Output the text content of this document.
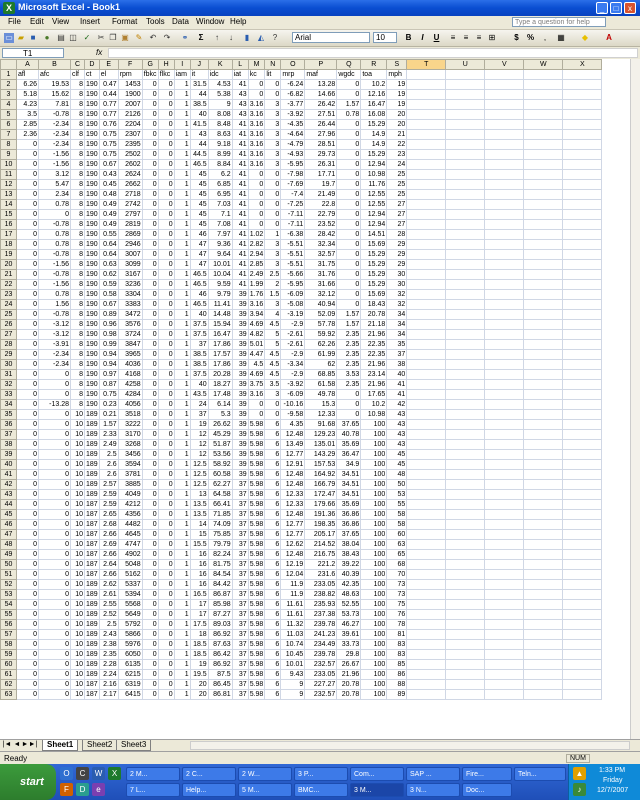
X Microsoft Excel - Book1	_	□	x
File Edit View Insert Format Tools Data Window Help	Type a question for help
▭ ▰ ■	● ▤ ◫ ✓ ✂ ❐ ▣ ✎ ↶ ↷ ⚭	Σ	↑	↓	▮	◭	?	Arial	10	B	I	U	≡	≡	≡ ⊞	$	%	,	▦ ◆ A
T1	fx
	A	B	C	D	E	F	G	H	I	J	K	L	M	N	O	P	Q	R	S	T	U	V	W	X
1	afl	afc	clf	ct	el	rpm	fbkc	flkc	iam	it	idc	iat	kc	lit	mrp	maf	wgdc	toa	mph					
2	6.26	19.53	8	190	0.47	1453	0	0	1	31.5	4.53	41	0	0	-6.24	13.28	0	10.2	19					
3	5.18	15.62	8	190	0.44	1900	0	0	1	44	5.38	43	0	0	-6.82	14.66	0	12.16	19					
4	4.23	7.81	8	190	0.77	2007	0	0	1	38.5	9	43	3.16	3	-3.77	26.42	1.57	16.47	19					
5	3.5	-0.78	8	190	0.77	2126	0	0	1	40	8.08	43	3.16	3	-3.92	27.51	0.78	16.08	20					
6	2.85	-2.34	8	190	0.76	2204	0	0	1	41.5	8.48	41	3.16	3	-4.35	26.44	0	15.29	20					
7	2.36	-2.34	8	190	0.75	2307	0	0	1	43	8.63	41	3.16	3	-4.64	27.96	0	14.9	21					
8	0	-2.34	8	190	0.75	2395	0	0	1	44	9.18	41	3.16	3	-4.79	28.51	0	14.9	22					
9	0	-1.56	8	190	0.75	2502	0	0	1	44.5	8.99	41	3.16	3	-4.93	29.73	0	15.29	23					
10	0	-1.56	8	190	0.67	2602	0	0	1	46.5	8.84	41	3.16	3	-5.95	26.31	0	12.94	24					
11	0	3.12	8	190	0.43	2624	0	0	1	45	6.2	41	0	0	-7.98	17.71	0	10.98	25					
12	0	5.47	8	190	0.45	2662	0	0	1	45	6.85	41	0	0	-7.69	19.7	0	11.76	25					
13	0	2.34	8	190	0.48	2718	0	0	1	45	6.95	41	0	0	-7.4	21.49	0	12.55	25					
14	0	0.78	8	190	0.49	2742	0	0	1	45	7.03	41	0	0	-7.25	22.8	0	12.55	27					
15	0	0	8	190	0.49	2797	0	0	1	45	7.1	41	0	0	-7.11	22.79	0	12.94	27					
16	0	-0.78	8	190	0.49	2819	0	0	1	45	7.08	41	0	0	-7.11	23.52	0	12.94	27					
17	0	0.78	8	190	0.55	2869	0	0	1	46	7.97	41	1.02	1	-6.38	28.42	0	14.51	28					
18	0	0.78	8	190	0.64	2946	0	0	1	47	9.36	41	2.82	3	-5.51	32.34	0	15.69	29					
19	0	-0.78	8	190	0.64	3007	0	0	1	47	9.64	41	2.94	3	-5.51	32.57	0	15.29	29					
20	0	-1.56	8	190	0.63	3099	0	0	1	47	10.01	41	2.85	3	-5.51	31.75	0	15.29	29					
21	0	-0.78	8	190	0.62	3167	0	0	1	46.5	10.04	41	2.49	2.5	-5.66	31.76	0	15.29	30					
22	0	-1.56	8	190	0.59	3236	0	0	1	46.5	9.59	41	1.99	2	-5.95	31.66	0	15.29	30					
23	0	0.78	8	190	0.58	3304	0	0	1	46	9.79	39	1.76	1.5	-6.09	32.12	0	15.69	32					
24	0	1.56	8	190	0.67	3383	0	0	1	46.5	11.41	39	3.16	3	-5.08	40.94	0	18.43	32					
25	0	-0.78	8	190	0.89	3472	0	0	1	40	14.48	39	3.94	4	-3.19	52.09	1.57	20.78	34					
26	0	-3.12	8	190	0.96	3576	0	0	1	37.5	15.94	39	4.69	4.5	-2.9	57.78	1.57	21.18	34					
27	0	-3.12	8	190	0.98	3724	0	0	1	37.5	16.47	39	4.82	5	-2.61	59.92	2.35	21.96	34					
28	0	-3.91	8	190	0.99	3847	0	0	1	37	17.86	39	5.01	5	-2.61	62.26	2.35	22.35	35					
29	0	-2.34	8	190	0.94	3965	0	0	1	38.5	17.57	39	4.47	4.5	-2.9	61.99	2.35	22.35	37					
30	0	-2.34	8	190	0.94	4036	0	0	1	38.5	17.86	39	4.5	4.5	-3.34	62	2.35	21.96	38					
31	0	0	8	190	0.97	4168	0	0	1	37.5	20.28	39	4.69	4.5	-2.9	68.85	3.53	23.14	40					
32	0	0	8	190	0.87	4258	0	0	1	40	18.27	39	3.75	3.5	-3.92	61.58	2.35	21.96	41					
33	0	0	8	190	0.75	4284	0	0	1	43.5	17.48	39	3.16	3	-6.09	49.78	0	17.65	41					
34	0	-13.28	8	190	0.23	4056	0	0	1	24	6.14	39	0	0	-10.16	15.3	0	10.2	42					
35	0	0	10	189	0.21	3518	0	0	1	37	5.3	39	0	0	-9.58	12.33	0	10.98	43					
36	0	0	10	189	1.57	3222	0	0	1	19	26.62	39	5.98	6	4.35	91.68	37.65	100	43					
37	0	0	10	189	2.33	3170	0	0	1	12	45.29	39	5.98	6	12.48	129.23	40.78	100	43					
38	0	0	10	189	2.49	3268	0	0	1	12	51.87	39	5.98	6	13.49	135.01	35.69	100	43					
39	0	0	10	189	2.5	3456	0	0	1	12	53.56	39	5.98	6	12.77	143.29	36.47	100	45					
40	0	0	10	189	2.6	3594	0	0	1	12.5	58.92	39	5.98	6	12.91	157.53	34.9	100	45					
41	0	0	10	189	2.6	3781	0	0	1	12.5	60.58	39	5.98	6	12.48	164.92	34.51	100	48					
42	0	0	10	189	2.57	3885	0	0	1	12.5	62.27	37	5.98	6	12.48	166.79	34.51	100	50					
43	0	0	10	189	2.59	4049	0	0	1	13	64.58	37	5.98	6	12.33	172.47	34.51	100	53					
44	0	0	10	187	2.59	4212	0	0	1	13.5	66.41	37	5.98	6	12.33	179.66	35.69	100	55					
45	0	0	10	187	2.65	4356	0	0	1	13.5	71.85	37	5.98	6	12.48	191.36	36.86	100	58					
46	0	0	10	187	2.68	4482	0	0	1	14	74.09	37	5.98	6	12.77	198.35	36.86	100	58					
47	0	0	10	187	2.66	4645	0	0	1	15	75.85	37	5.98	6	12.77	205.17	37.65	100	60					
48	0	0	10	187	2.69	4747	0	0	1	15.5	79.79	37	5.98	6	12.62	214.52	38.04	100	63					
49	0	0	10	187	2.66	4902	0	0	1	16	82.24	37	5.98	6	12.48	216.75	38.43	100	65					
50	0	0	10	187	2.64	5048	0	0	1	16	81.75	37	5.98	6	12.19	221.2	39.22	100	68					
51	0	0	10	187	2.66	5162	0	0	1	16	84.54	37	5.98	6	12.04	231.6	40.39	100	70					
52	0	0	10	189	2.62	5337	0	0	1	16	84.42	37	5.98	6	11.9	233.05	42.35	100	73					
53	0	0	10	189	2.61	5394	0	0	1	16.5	86.87	37	5.98	6	11.9	238.82	48.63	100	73					
54	0	0	10	189	2.55	5568	0	0	1	17	85.98	37	5.98	6	11.61	235.93	52.55	100	75					
55	0	0	10	189	2.52	5649	0	0	1	17	87.27	37	5.98	6	11.61	237.38	53.73	100	76					
56	0	0	10	189	2.5	5792	0	0	1	17.5	89.03	37	5.98	6	11.32	239.78	46.27	100	78					
57	0	0	10	189	2.43	5866	0	0	1	18	86.92	37	5.98	6	11.03	241.23	39.61	100	81					
58	0	0	10	189	2.38	5976	0	0	1	18.5	87.63	37	5.98	6	10.74	234.49	33.73	100	83					
59	0	0	10	189	2.35	6050	0	0	1	18.5	86.42	37	5.98	6	10.45	239.78	29.8	100	83					
60	0	0	10	189	2.28	6135	0	0	1	19	86.92	37	5.98	6	10.01	232.57	26.67	100	85					
61	0	0	10	189	2.24	6215	0	0	1	19.5	87.5	37	5.98	6	9.43	233.05	21.96	100	86					
62	0	0	10	187	2.16	6319	0	0	1	20	86.45	37	5.98	6	9	227.27	20.78	100	88					
63	0	0	10	187	2.17	6415	0	0	1	20	86.81	37	5.98	6	9	232.57	20.78	100	89					
|◄ ◄ ► ►|	Sheet1	Sheet2	Sheet3
Ready	NUM
start
O	C	W	X
F	D	e
2 M...	2 C...	2 W...	3 P...	Com...	SAP ...	Fire...	Teln...
7 L...	Help...	5 M...	BMC...	3 M...	3 N...	Doc...
▲
♪
1:33 PM
Friday
12/7/2007
